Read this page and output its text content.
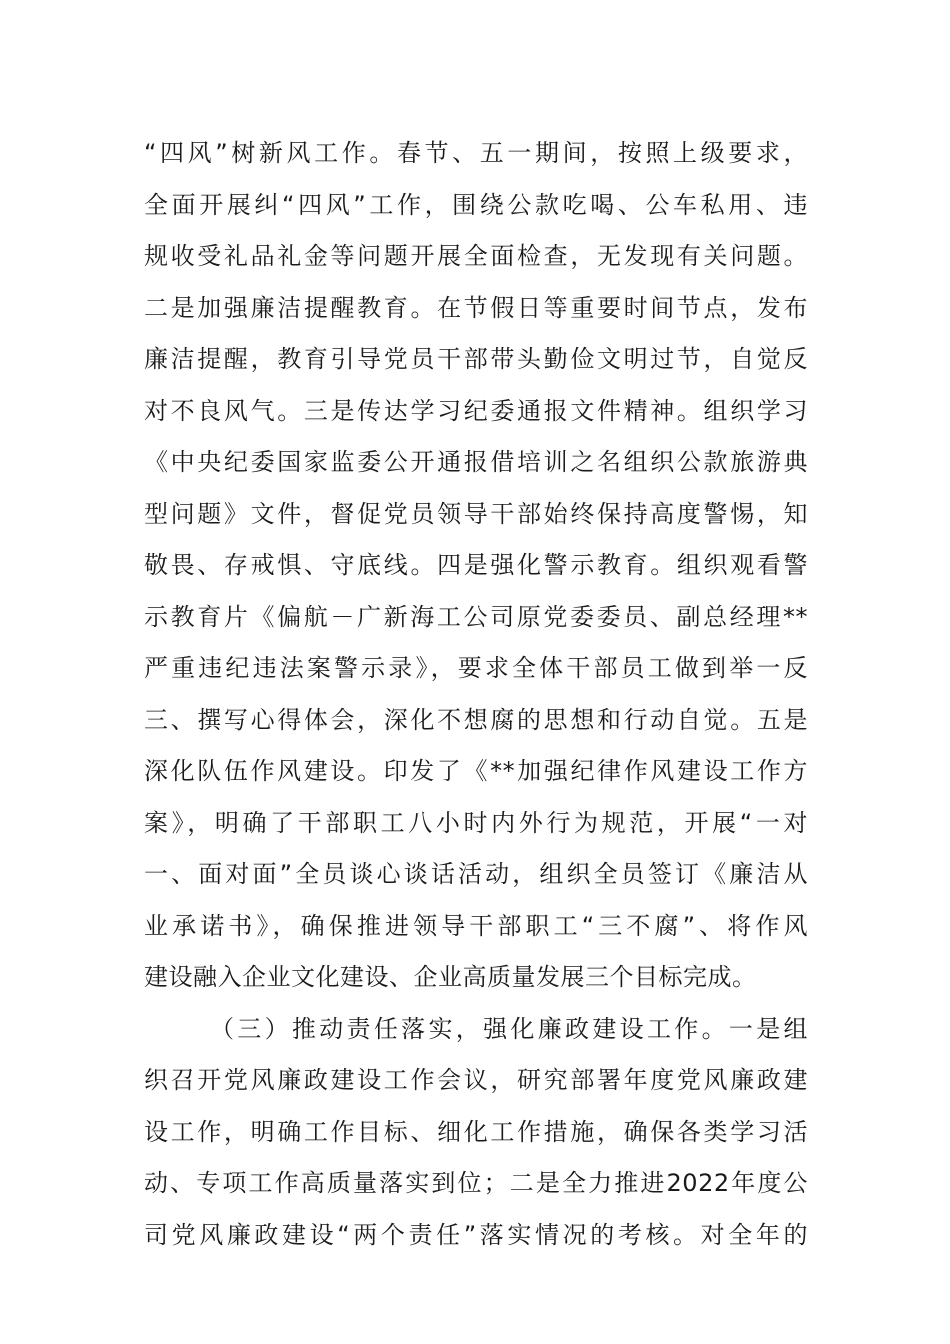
“四风”树新风工作。春节、五一期间，按照上级要求，
全面开展纠“四风”工作，围绕公款吃喝、公车私用、违
规收受礼品礼金等问题开展全面检查，无发现有关问题。
二是加强廉洁提醒教育。在节假日等重要时间节点，发布
廉洁提醒，教育引导党员干部带头勤俭文明过节，自觉反
对不良风气。三是传达学习纪委通报文件精神。组织学习
《中央纪委国家监委公开通报借培训之名组织公款旅游典
型问题》文件，督促党员领导干部始终保持高度警惕，知
敬畏、存戒惧、守底线。四是强化警示教育。组织观看警
示教育片《偏航－广新海工公司原党委委员、副总经理**
严重违纪违法案警示录》，要求全体干部员工做到举一反
三、撰写心得体会，深化不想腐的思想和行动自觉。五是
深化队伍作风建设。印发了《**加强纪律作风建设工作方
案》，明确了干部职工八小时内外行为规范，开展“一对
一、面对面”全员谈心谈话活动，组织全员签订《廉洁从
业承诺书》，确保推进领导干部职工“三不腐”、将作风
建设融入企业文化建设、企业高质量发展三个目标完成。
（三）推动责任落实，强化廉政建设工作。一是组
织召开党风廉政建设工作会议，研究部署年度党风廉政建
设工作，明确工作目标、细化工作措施，确保各类学习活
动、专项工作高质量落实到位；二是全力推进2022年度公
司党风廉政建设“两个责任”落实情况的考核。对全年的
